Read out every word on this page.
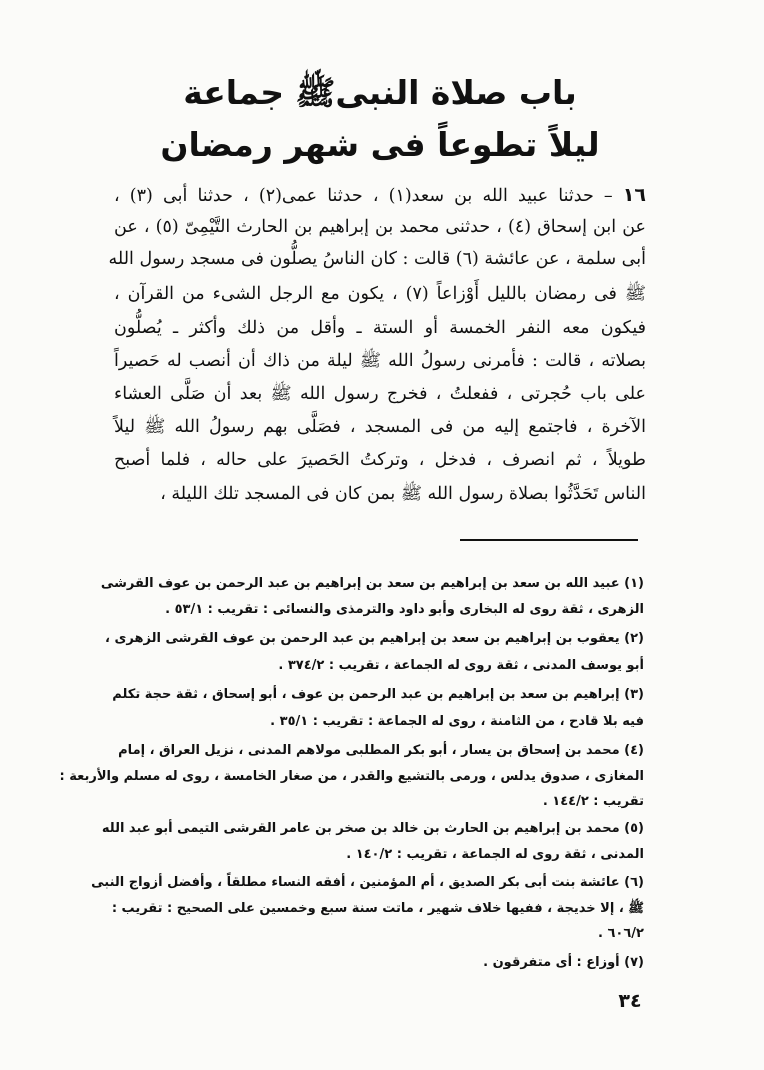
باب صلاة النبىﷺ جماعة
ليلاً تطوعاً فى شهر رمضان
١٦ – حدثنا عبيد الله بن سعد(١) ، حدثنا عمى(٢) ، حدثنا أبى (٣) ،
عن ابن إسحاق (٤) ، حدثنى محمد بن إبراهيم بن الحارث التَّيْمِىّ (٥) ، عن
أبى سلمة ، عن عائشة (٦) قالت : كان الناسُ يصلُّون فى مسجد رسول الله
ﷺ فى رمضان بالليل أَوْزاعاً (٧) ، يكون مع الرجل الشىء من القرآن ،
فيكون معه النفر الخمسة أو الستة ـ وأقل من ذلك وأكثر ـ يُصلُّون
بصلاته ، قالت : فأمرنى رسولُ الله ﷺ ليلة من ذاك أن أنصب له حَصيراً
على باب حُجرتى ، ففعلتُ ، فخرج رسول الله ﷺ بعد أن صَلَّى العشاء
الآخرة ، فاجتمع إليه من فى المسجد ، فصَلَّى بهم رسولُ الله ﷺ ليلاً
طويلاً ، ثم انصرف ، فدخل ، وتركتُ الحَصيرَ على حاله ، فلما أصبح
الناس تَحَدَّثُوا بصلاة رسول الله ﷺ بمن كان فى المسجد تلك الليلة ،
(١) عبيد الله بن سعد بن إبراهيم بن سعد بن إبراهيم بن عبد الرحمن بن عوف القرشى
الزهرى ، ثقة روى له البخارى وأبو داود والترمذى والنسائى : تقريب : ٥٣/١ .
(٢) يعقوب بن إبراهيم بن سعد بن إبراهيم بن عبد الرحمن بن عوف القرشى الزهرى ،
أبو يوسف المدنى ، ثقة روى له الجماعة ، تقريب : ٣٧٤/٢ .
(٣) إبراهيم بن سعد بن إبراهيم بن عبد الرحمن بن عوف ، أبو إسحاق ، ثقة حجة تكلم
فيه بلا قادح ، من الثامنة ، روى له الجماعة : تقريب : ٣٥/١ .
(٤) محمد بن إسحاق بن يسار ، أبو بكر المطلبى مولاهم المدنى ، نزيل العراق ، إمام
المغازى ، صدوق يدلس ، ورمى بالتشيع والقدر ، من صغار الخامسة ، روى له مسلم والأربعة :
تقريب : ١٤٤/٢ .
(٥) محمد بن إبراهيم بن الحارث بن خالد بن صخر بن عامر القرشى التيمى أبو عبد الله
المدنى ، ثقة روى له الجماعة ، تقريب : ١٤٠/٢ .
(٦) عائشة بنت أبى بكر الصديق ، أم المؤمنين ، أفقه النساء مطلقاً ، وأفضل أزواج النبى
ﷺ ، إلا خديجة ، ففيها خلاف شهير ، ماتت سنة سبع وخمسين على الصحيح : تقريب :
٦٠٦/٢ .
(٧) أوزاع : أى متفرقون .
٣٤
